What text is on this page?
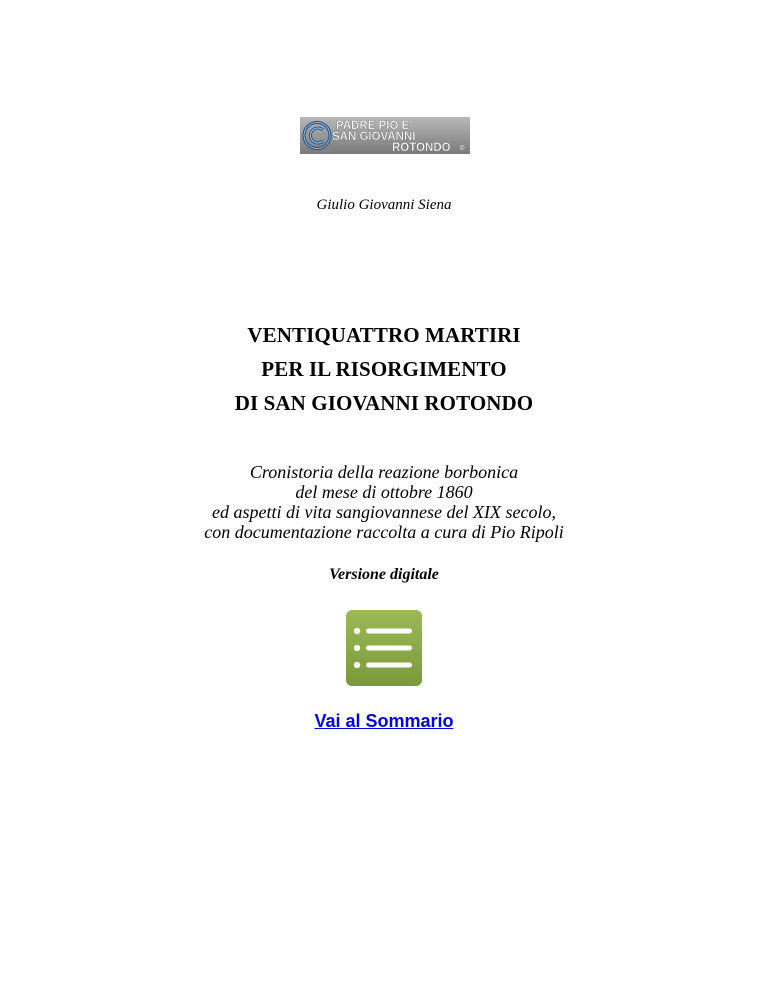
PADRE PIO E
SAN GIOVANNI
ROTONDO ©
Giulio Giovanni Siena
VENTIQUATTRO MARTIRI
PER IL RISORGIMENTO
DI SAN GIOVANNI ROTONDO
Cronistoria della reazione borbonica
del mese di ottobre 1860
ed aspetti di vita sangiovannese del XIX secolo,
con documentazione raccolta a cura di Pio Ripoli
Versione digitale
Vai al Sommario
